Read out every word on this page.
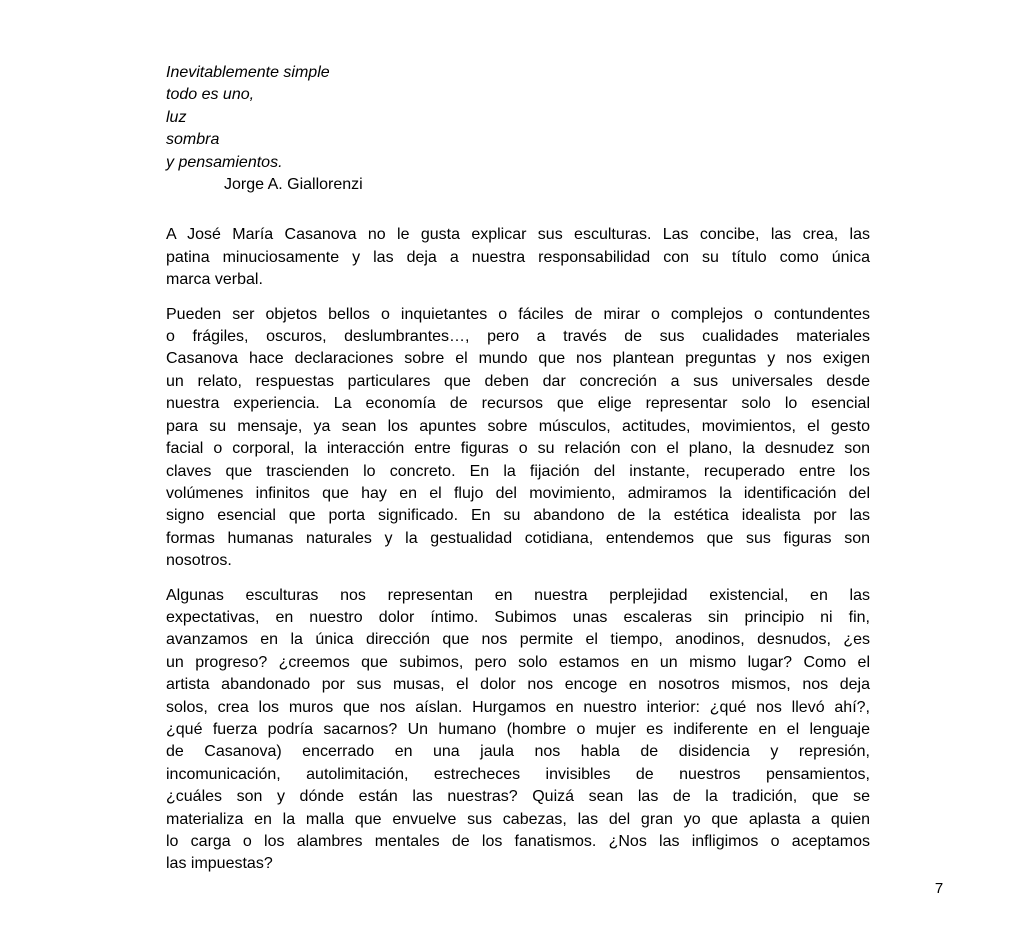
Inevitablemente simple
todo es uno,
luz
sombra
y pensamientos.
Jorge A. Giallorenzi
A José María Casanova no le gusta explicar sus esculturas. Las concibe, las crea, las
patina minuciosamente y las deja a nuestra responsabilidad con su título como única
marca verbal.
Pueden ser objetos bellos o inquietantes o fáciles de mirar o complejos o contundentes
o frágiles, oscuros, deslumbrantes…, pero a través de sus cualidades materiales
Casanova hace declaraciones sobre el mundo que nos plantean preguntas y nos exigen
un relato, respuestas particulares que deben dar concreción a sus universales desde
nuestra experiencia. La economía de recursos que elige representar solo lo esencial
para su mensaje, ya sean los apuntes sobre músculos, actitudes, movimientos, el gesto
facial o corporal, la interacción entre figuras o su relación con el plano, la desnudez son
claves que trascienden lo concreto. En la fijación del instante, recuperado entre los
volúmenes infinitos que hay en el flujo del movimiento, admiramos la identificación del
signo esencial que porta significado. En su abandono de la estética idealista por las
formas humanas naturales y la gestualidad cotidiana, entendemos que sus figuras son
nosotros.
Algunas esculturas nos representan en nuestra perplejidad existencial, en las
expectativas, en nuestro dolor íntimo. Subimos unas escaleras sin principio ni fin,
avanzamos en la única dirección que nos permite el tiempo, anodinos, desnudos, ¿es
un progreso? ¿creemos que subimos, pero solo estamos en un mismo lugar? Como el
artista abandonado por sus musas, el dolor nos encoge en nosotros mismos, nos deja
solos, crea los muros que nos aíslan. Hurgamos en nuestro interior: ¿qué nos llevó ahí?,
¿qué fuerza podría sacarnos? Un humano (hombre o mujer es indiferente en el lenguaje
de Casanova) encerrado en una jaula nos habla de disidencia y represión,
incomunicación, autolimitación, estrecheces invisibles de nuestros pensamientos,
¿cuáles son y dónde están las nuestras? Quizá sean las de la tradición, que se
materializa en la malla que envuelve sus cabezas, las del gran yo que aplasta a quien
lo carga o los alambres mentales de los fanatismos. ¿Nos las infligimos o aceptamos
las impuestas?
7
